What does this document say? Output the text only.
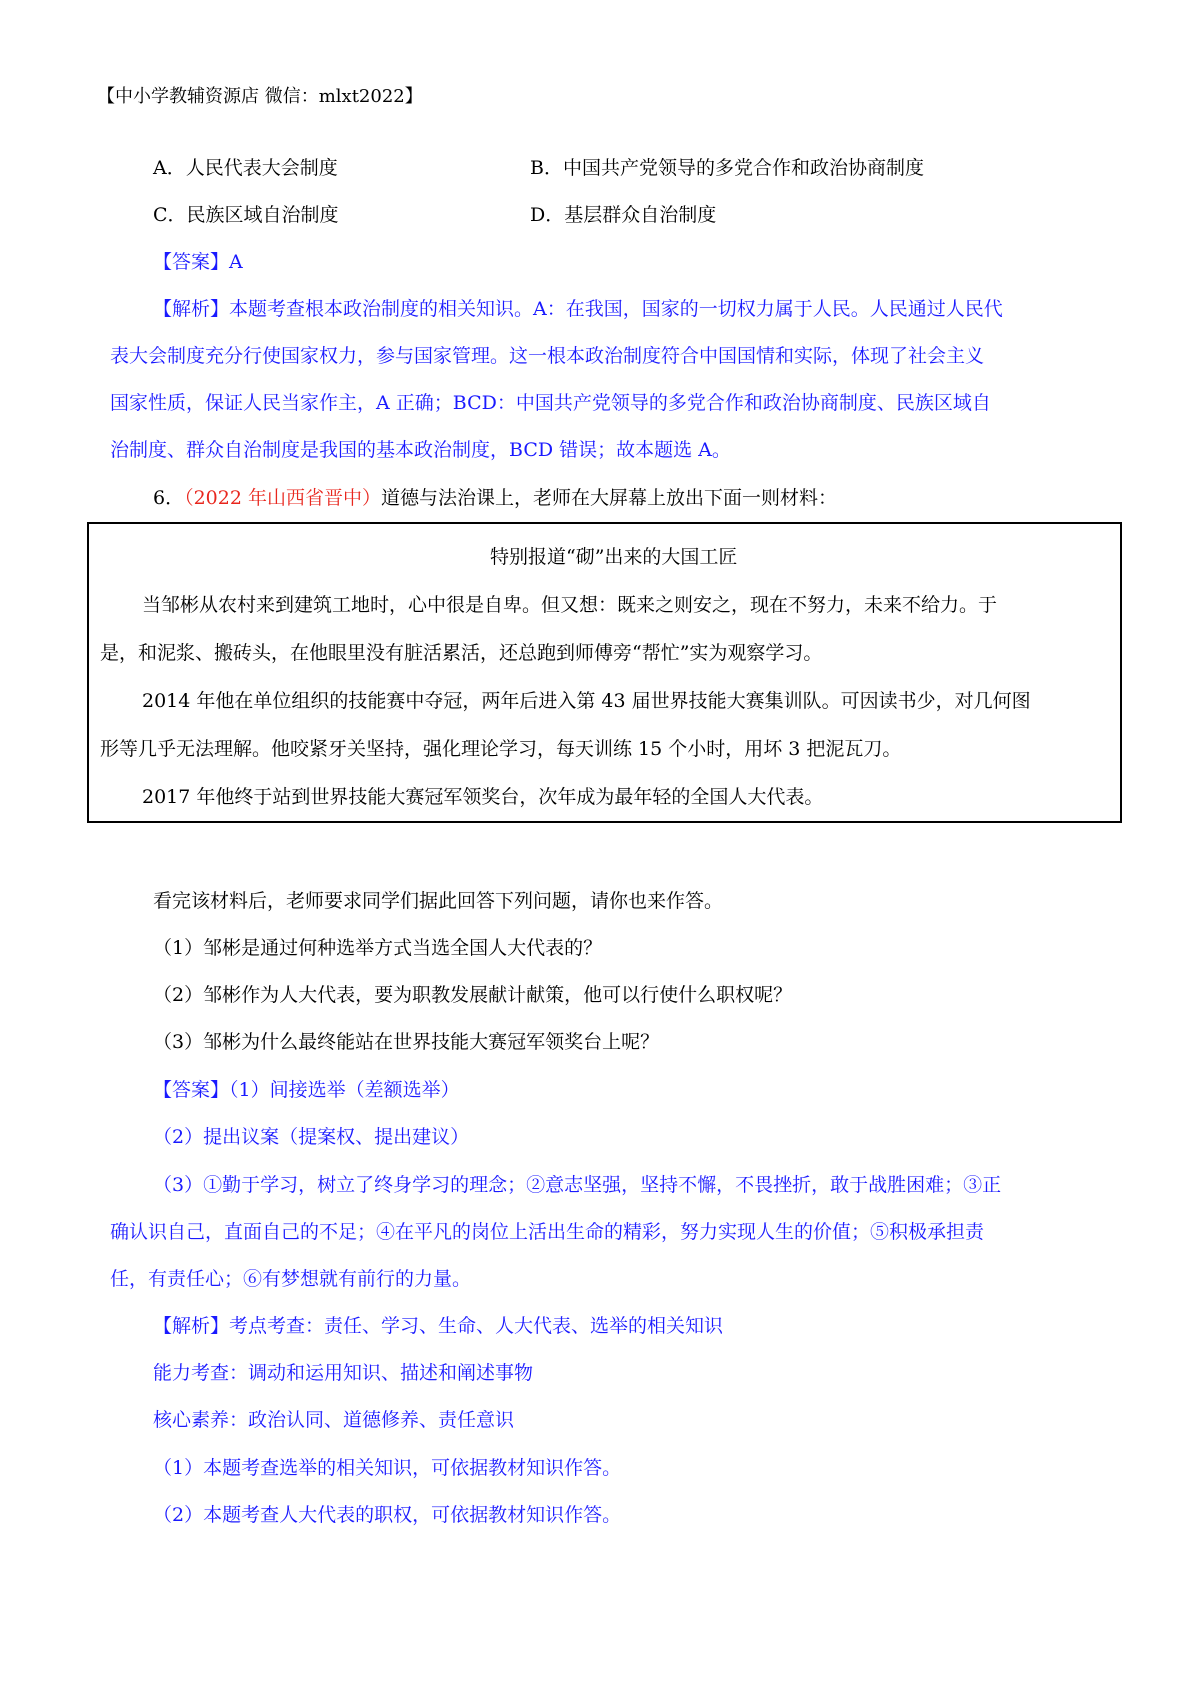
【中小学教辅资源店 微信：mlxt2022】
A．人民代表大会制度	B．中国共产党领导的多党合作和政治协商制度
C．民族区域自治制度	D．基层群众自治制度
【答案】A
【解析】本题考查根本政治制度的相关知识。A：在我国，国家的一切权力属于人民。人民通过人民代
表大会制度充分行使国家权力，参与国家管理。这一根本政治制度符合中国国情和实际，体现了社会主义
国家性质，保证人民当家作主，A 正确；BCD：中国共产党领导的多党合作和政治协商制度、民族区域自
治制度、群众自治制度是我国的基本政治制度，BCD 错误；故本题选 A。
6．（2022 年山西省晋中）道德与法治课上，老师在大屏幕上放出下面一则材料：
特别报道“砌”出来的大国工匠
当邹彬从农村来到建筑工地时，心中很是自卑。但又想：既来之则安之，现在不努力，未来不给力。于
是，和泥浆、搬砖头，在他眼里没有脏活累活，还总跑到师傅旁“帮忙”实为观察学习。
2014 年他在单位组织的技能赛中夺冠，两年后进入第 43 届世界技能大赛集训队。可因读书少，对几何图
形等几乎无法理解。他咬紧牙关坚持，强化理论学习，每天训练 15 个小时，用坏 3 把泥瓦刀。
2017 年他终于站到世界技能大赛冠军领奖台，次年成为最年轻的全国人大代表。
看完该材料后，老师要求同学们据此回答下列问题，请你也来作答。
（1）邹彬是通过何种选举方式当选全国人大代表的？
（2）邹彬作为人大代表，要为职教发展献计献策，他可以行使什么职权呢？
（3）邹彬为什么最终能站在世界技能大赛冠军领奖台上呢？
【答案】（1）间接选举（差额选举）
（2）提出议案（提案权、提出建议）
（3）①勤于学习，树立了终身学习的理念；②意志坚强，坚持不懈，不畏挫折，敢于战胜困难；③正
确认识自己，直面自己的不足；④在平凡的岗位上活出生命的精彩，努力实现人生的价值；⑤积极承担责
任，有责任心；⑥有梦想就有前行的力量。
【解析】考点考查：责任、学习、生命、人大代表、选举的相关知识
能力考查：调动和运用知识、描述和阐述事物
核心素养：政治认同、道德修养、责任意识
（1）本题考查选举的相关知识，可依据教材知识作答。
（2）本题考查人大代表的职权，可依据教材知识作答。
